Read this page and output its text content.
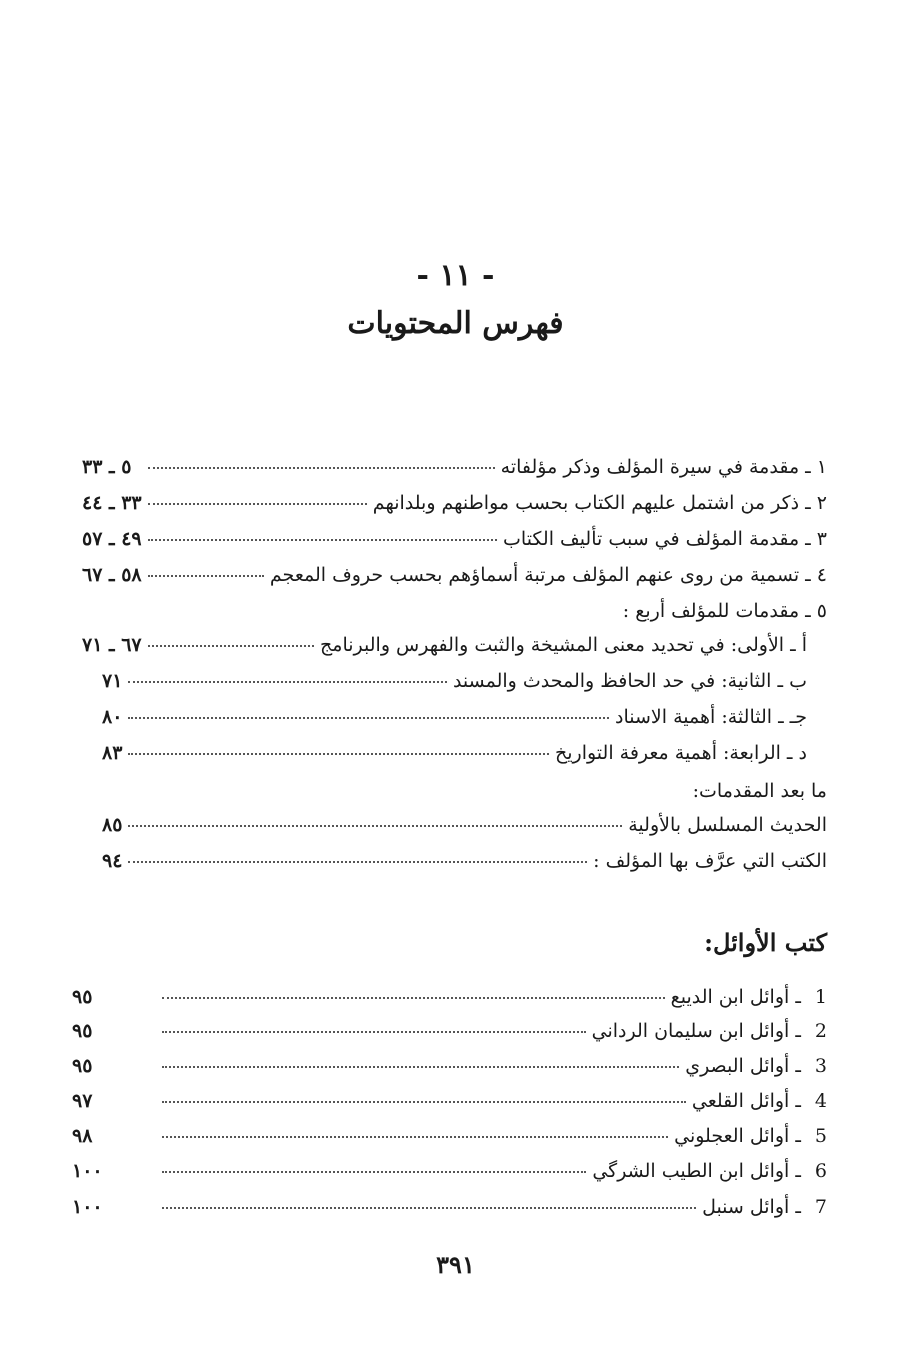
- ١١ -
فهرس المحتويات
١ ـ مقدمة في سيرة المؤلف وذكر مؤلفاته
٥ ـ ٣٣
٢ ـ ذكر من اشتمل عليهم الكتاب بحسب مواطنهم وبلدانهم
٣٣ ـ ٤٤
٣ ـ مقدمة المؤلف في سبب تأليف الكتاب
٤٩ ـ ٥٧
٤ ـ تسمية من روى عنهم المؤلف مرتبة أسماؤهم بحسب حروف المعجم
٥٨ ـ ٦٧
٥ ـ مقدمات للمؤلف أربع :
أ ـ الأولى: في تحديد معنى المشيخة والثبت والفهرس والبرنامج
٦٧ ـ ٧١
ب ـ الثانية: في حد الحافظ والمحدث والمسند
٧١
جـ ـ الثالثة: أهمية الاسناد
٨٠
د ـ الرابعة: أهمية معرفة التواريخ
٨٣
ما بعد المقدمات:
الحديث المسلسل بالأولية
٨٥
الكتب التي عرَّف بها المؤلف :
٩٤
كتب الأوائل:
1
ـ أوائل ابن الديبع
٩٥
2
ـ أوائل ابن سليمان الرداني
٩٥
3
ـ أوائل البصري
٩٥
4
ـ أوائل القلعي
٩٧
5
ـ أوائل العجلوني
٩٨
6
ـ أوائل ابن الطيب الشرگي
١٠٠
7
ـ أوائل سنبل
١٠٠
٣٩١
